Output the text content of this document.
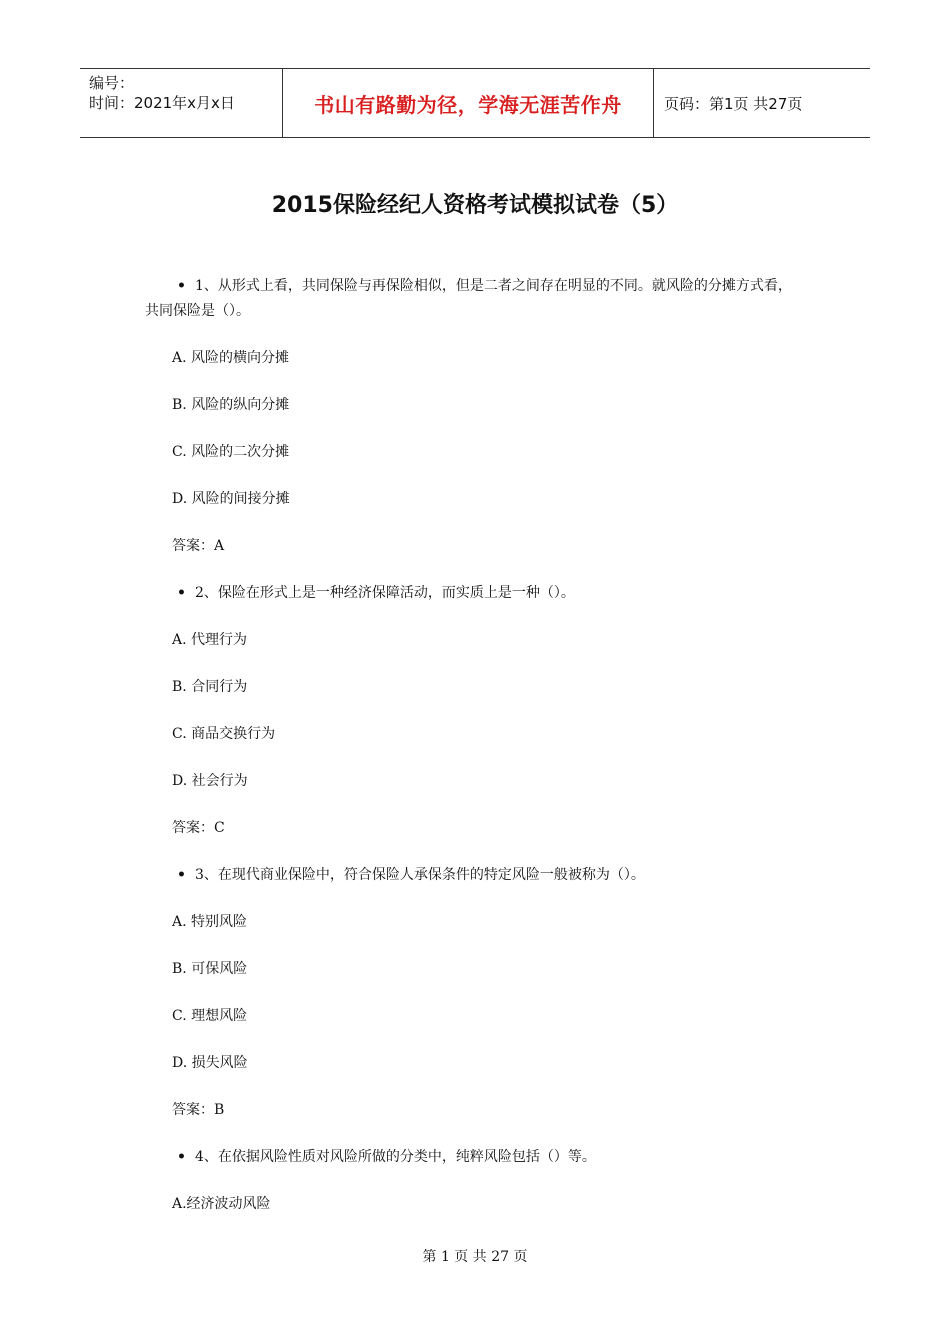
编号：
时间：2021年x月x日	书山有路勤为径，学海无涯苦作舟	页码：第1页 共27页
2015保险经纪人资格考试模拟试卷（5）
• 1、从形式上看，共同保险与再保险相似，但是二者之间存在明显的不同。就风险的分摊方式看，
共同保险是（）。
A. 风险的横向分摊
B. 风险的纵向分摊
C. 风险的二次分摊
D. 风险的间接分摊
答案：A
• 2、保险在形式上是一种经济保障活动，而实质上是一种（）。
A. 代理行为
B. 合同行为
C. 商品交换行为
D. 社会行为
答案：C
• 3、在现代商业保险中，符合保险人承保条件的特定风险一般被称为（）。
A. 特别风险
B. 可保风险
C. 理想风险
D. 损失风险
答案：B
• 4、在依据风险性质对风险所做的分类中，纯粹风险包括（）等。
A.经济波动风险
第 1 页 共 27 页
